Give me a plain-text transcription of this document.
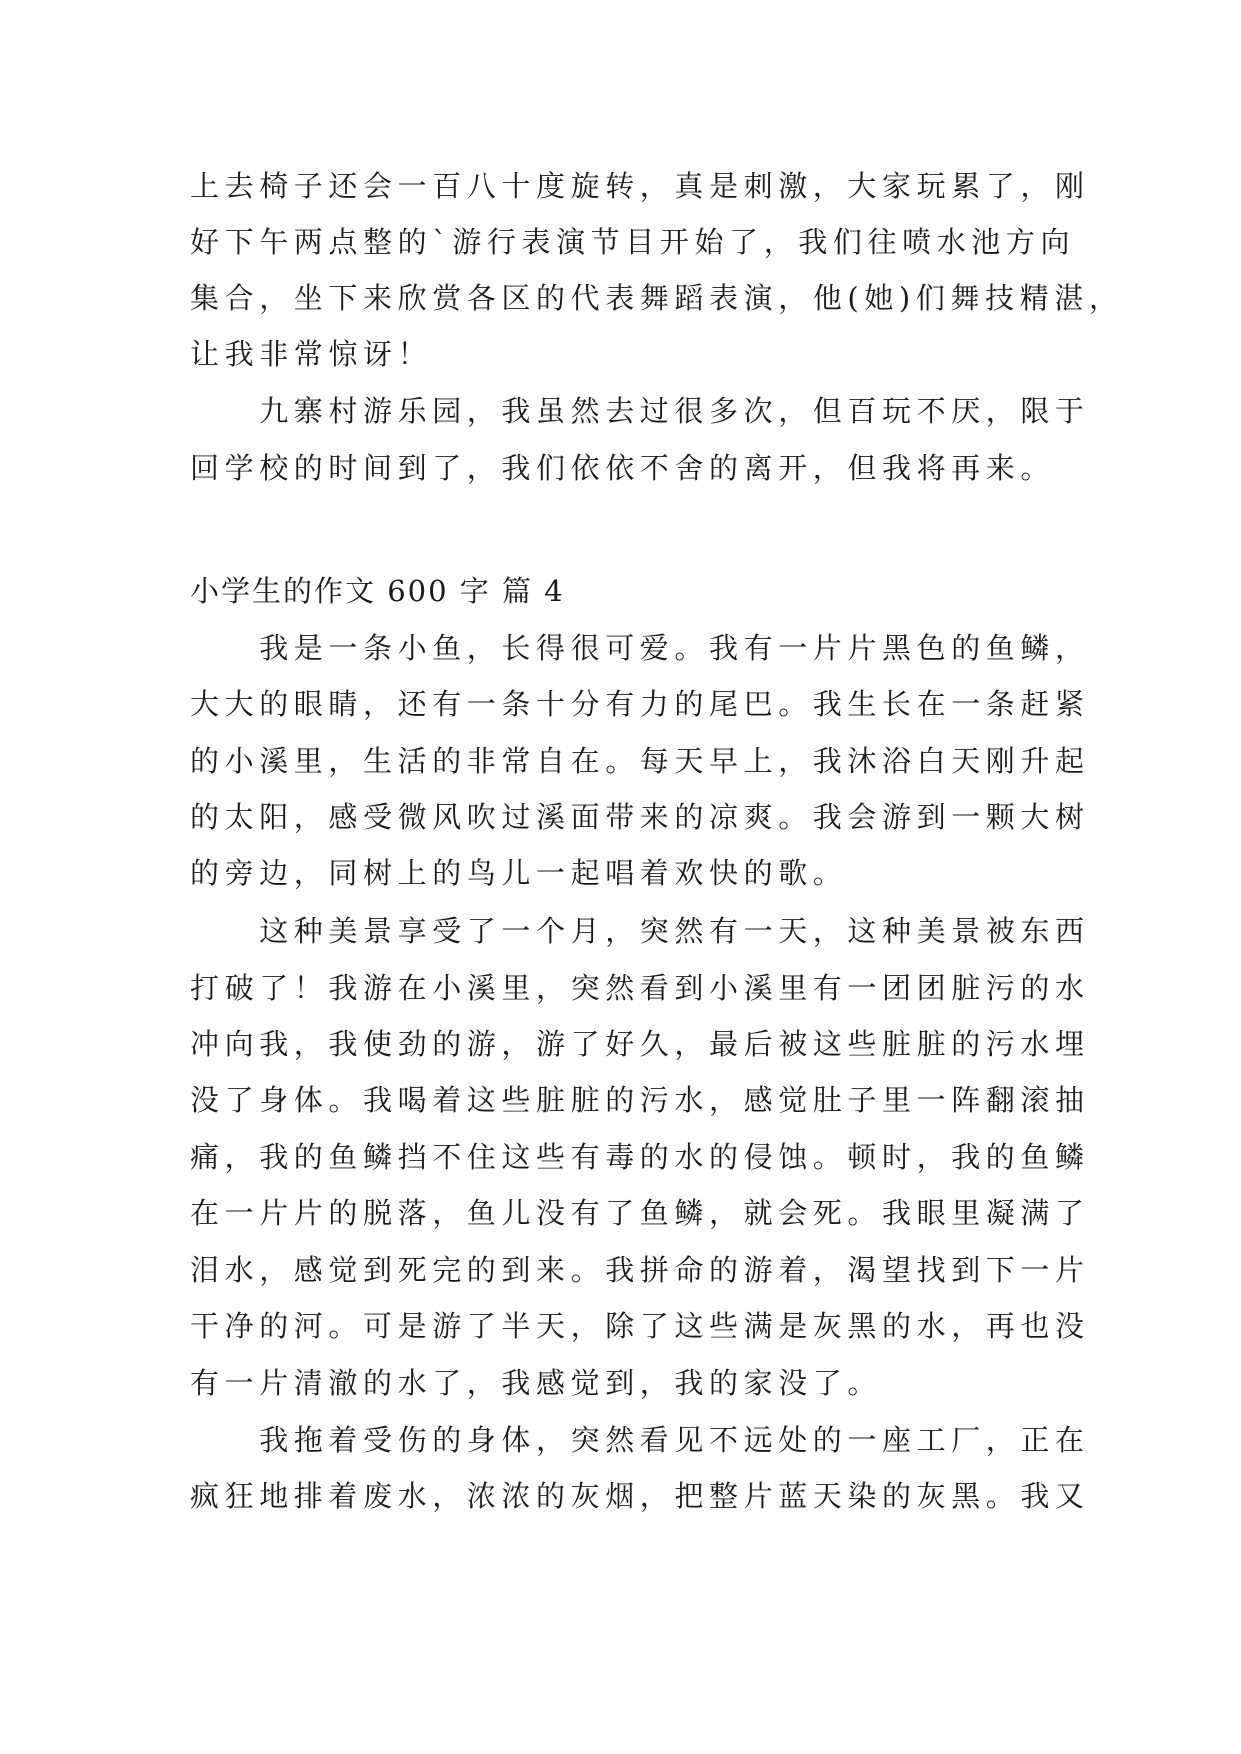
上去椅子还会一百八十度旋转，真是刺激，大家玩累了，刚
好下午两点整的`游行表演节目开始了，我们往喷水池方向
集合，坐下来欣赏各区的代表舞蹈表演，他(她)们舞技精湛，
让我非常惊讶！
　　九寨村游乐园，我虽然去过很多次，但百玩不厌，限于
回学校的时间到了，我们依依不舍的离开，但我将再来。
小学生的作文 600 字 篇 4
　　我是一条小鱼，长得很可爱。我有一片片黑色的鱼鳞，
大大的眼睛，还有一条十分有力的尾巴。我生长在一条赶紧
的小溪里，生活的非常自在。每天早上，我沐浴白天刚升起
的太阳，感受微风吹过溪面带来的凉爽。我会游到一颗大树
的旁边，同树上的鸟儿一起唱着欢快的歌。
　　这种美景享受了一个月，突然有一天，这种美景被东西
打破了！我游在小溪里，突然看到小溪里有一团团脏污的水
冲向我，我使劲的游，游了好久，最后被这些脏脏的污水埋
没了身体。我喝着这些脏脏的污水，感觉肚子里一阵翻滚抽
痛，我的鱼鳞挡不住这些有毒的水的侵蚀。顿时，我的鱼鳞
在一片片的脱落，鱼儿没有了鱼鳞，就会死。我眼里凝满了
泪水，感觉到死完的到来。我拼命的游着，渴望找到下一片
干净的河。可是游了半天，除了这些满是灰黑的水，再也没
有一片清澈的水了，我感觉到，我的家没了。
　　我拖着受伤的身体，突然看见不远处的一座工厂，正在
疯狂地排着废水，浓浓的灰烟，把整片蓝天染的灰黑。我又
